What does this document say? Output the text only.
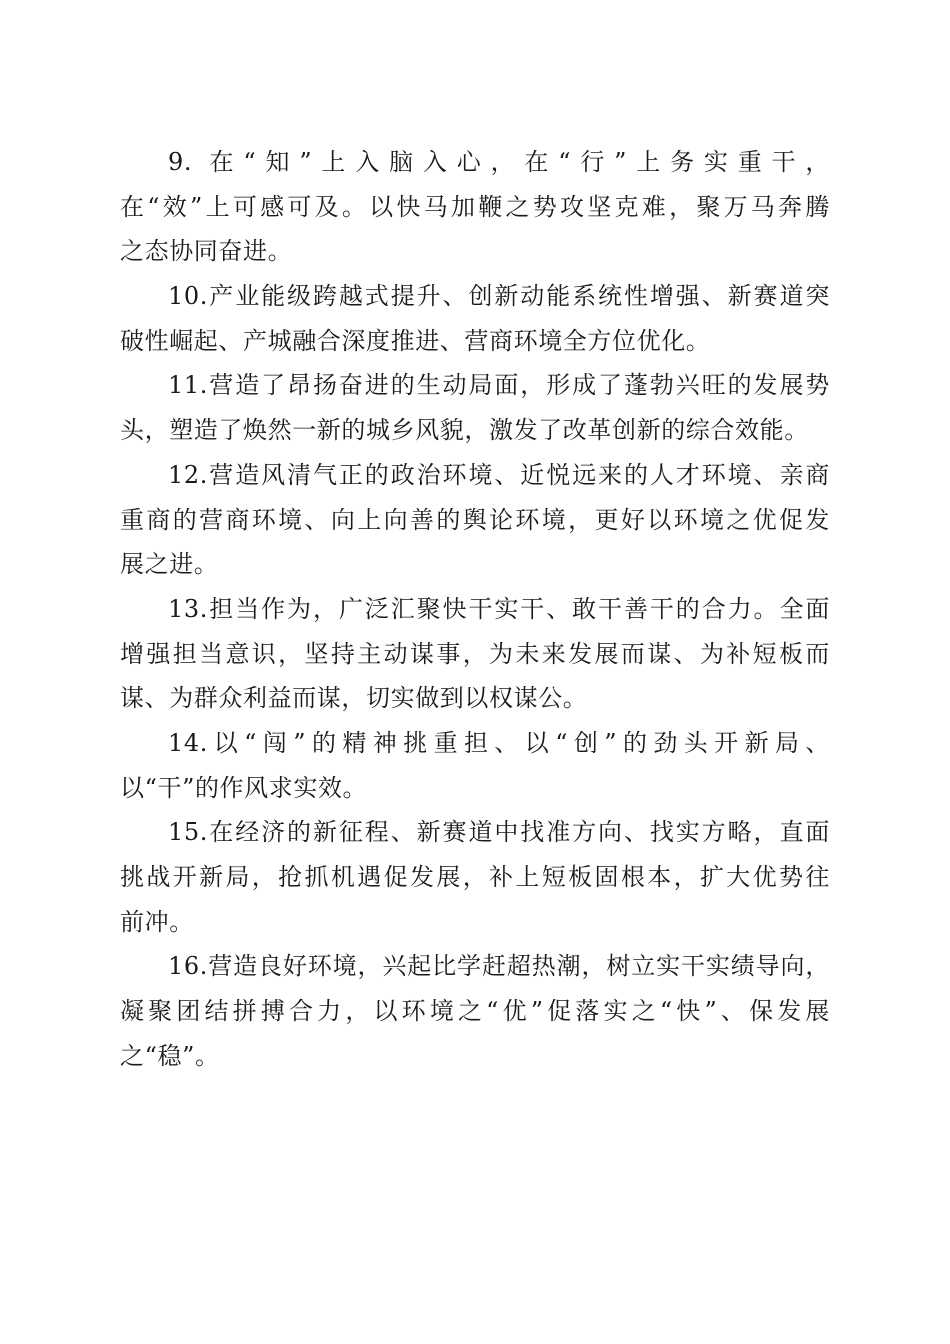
9. 在“知”上入脑入心，在“行”上务实重干，
在“效”上可感可及。以快马加鞭之势攻坚克难，聚万马奔腾
之态协同奋进。
10.产业能级跨越式提升、创新动能系统性增强、新赛道突
破性崛起、产城融合深度推进、营商环境全方位优化。
11.营造了昂扬奋进的生动局面，形成了蓬勃兴旺的发展势
头，塑造了焕然一新的城乡风貌，激发了改革创新的综合效能。
12.营造风清气正的政治环境、近悦远来的人才环境、亲商
重商的营商环境、向上向善的舆论环境，更好以环境之优促发
展之进。
13.担当作为，广泛汇聚快干实干、敢干善干的合力。全面
增强担当意识，坚持主动谋事，为未来发展而谋、为补短板而
谋、为群众利益而谋，切实做到以权谋公。
14.以“闯”的精神挑重担、以“创”的劲头开新局、
以“干”的作风求实效。
15.在经济的新征程、新赛道中找准方向、找实方略，直面
挑战开新局，抢抓机遇促发展，补上短板固根本，扩大优势往
前冲。
16.营造良好环境，兴起比学赶超热潮，树立实干实绩导向，
凝聚团结拼搏合力，以环境之“优”促落实之“快”、保发展
之“稳”。
